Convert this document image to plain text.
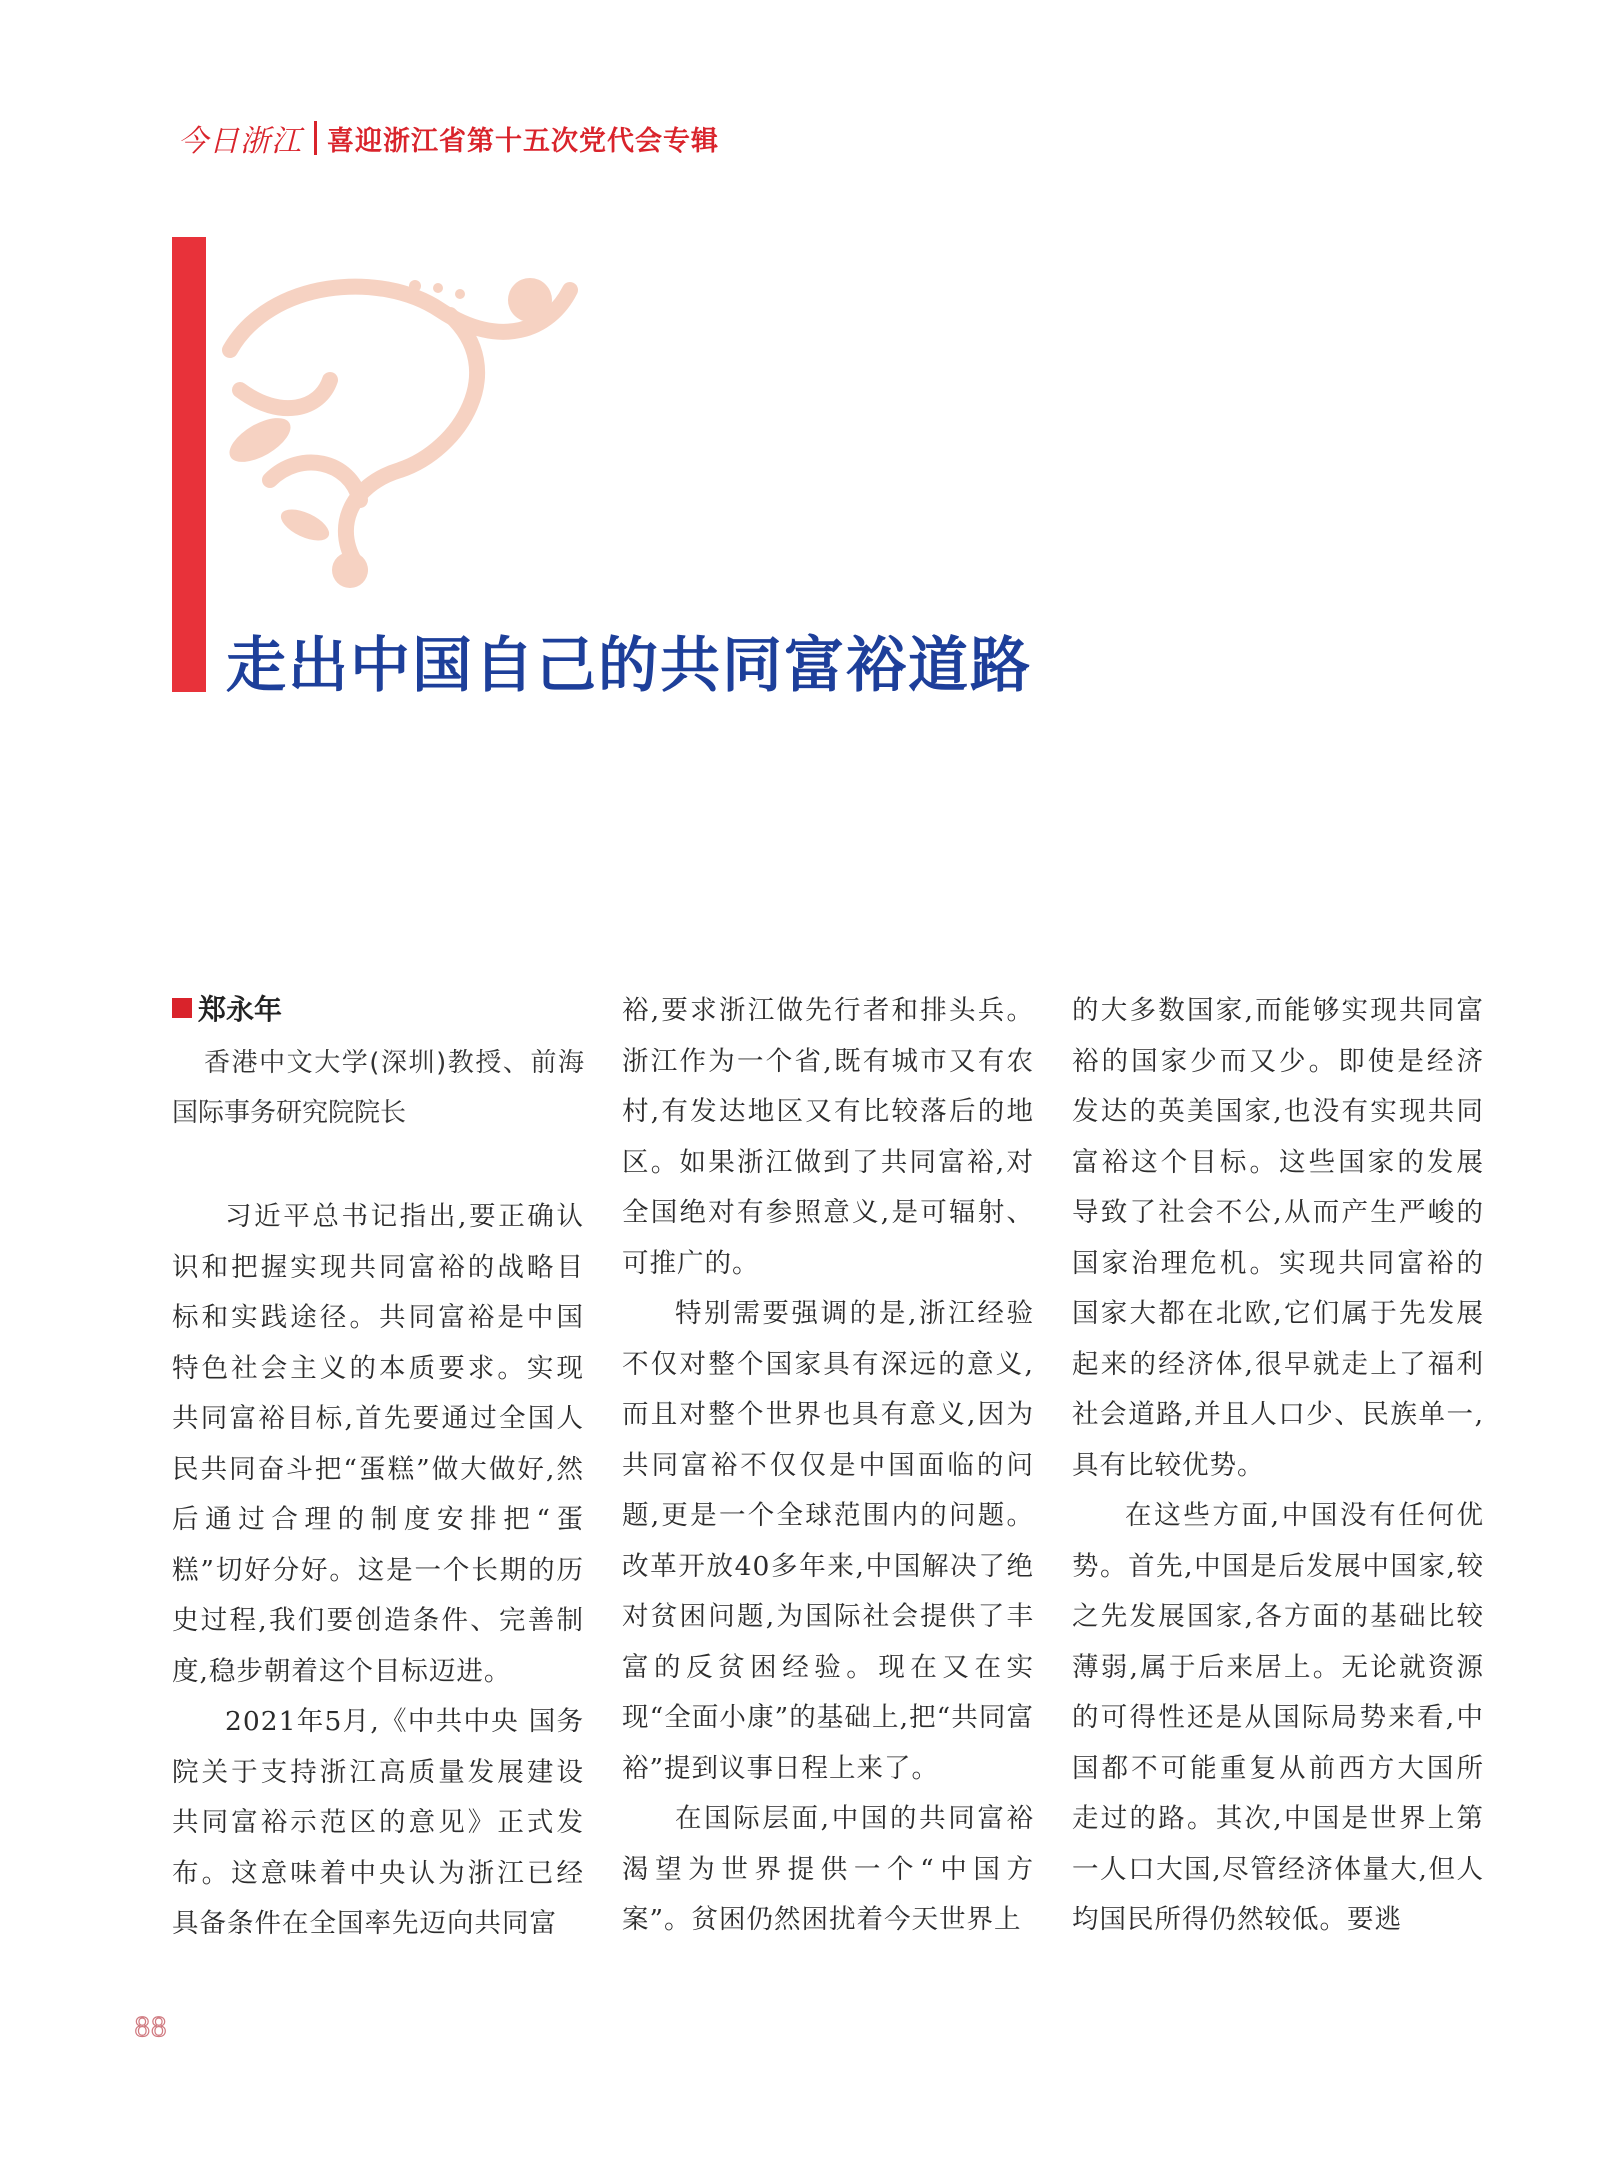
今日浙江 喜迎浙江省第十五次党代会专辑
走出中国自己的共同富裕道路
郑永年
香港中文大学(深圳)教授、前海国际事务研究院院长

习近平总书记指出,要正确认识和把握实现共同富裕的战略目标和实践途径。共同富裕是中国特色社会主义的本质要求。实现共同富裕目标,首先要通过全国人民共同奋斗把“蛋糕”做大做好,然后通过合理的制度安排把“蛋糕”切好分好。这是一个长期的历史过程,我们要创造条件、完善制度,稳步朝着这个目标迈进。

2021年5月,《中共中央 国务院关于支持浙江高质量发展建设共同富裕示范区的意见》正式发布。这意味着中央认为浙江已经具备条件在全国率先迈向共同富

裕,要求浙江做先行者和排头兵。浙江作为一个省,既有城市又有农村,有发达地区又有比较落后的地区。如果浙江做到了共同富裕,对全国绝对有参照意义,是可辐射、可推广的。

特别需要强调的是,浙江经验不仅对整个国家具有深远的意义,而且对整个世界也具有意义,因为共同富裕不仅仅是中国面临的问题,更是一个全球范围内的问题。改革开放40多年来,中国解决了绝对贫困问题,为国际社会提供了丰富的反贫困经验。现在又在实现“全面小康”的基础上,把“共同富裕”提到议事日程上来了。

在国际层面,中国的共同富裕渴望为世界提供一个“中国方案”。贫困仍然困扰着今天世界上

的大多数国家,而能够实现共同富裕的国家少而又少。即使是经济发达的英美国家,也没有实现共同富裕这个目标。这些国家的发展导致了社会不公,从而产生严峻的国家治理危机。实现共同富裕的国家大都在北欧,它们属于先发展起来的经济体,很早就走上了福利社会道路,并且人口少、民族单一,具有比较优势。

在这些方面,中国没有任何优势。首先,中国是后发展中国家,较之先发展国家,各方面的基础比较薄弱,属于后来居上。无论就资源的可得性还是从国际局势来看,中国都不可能重复从前西方大国所走过的路。其次,中国是世界上第一人口大国,尽管经济体量大,但人均国民所得仍然较低。要逃

88
